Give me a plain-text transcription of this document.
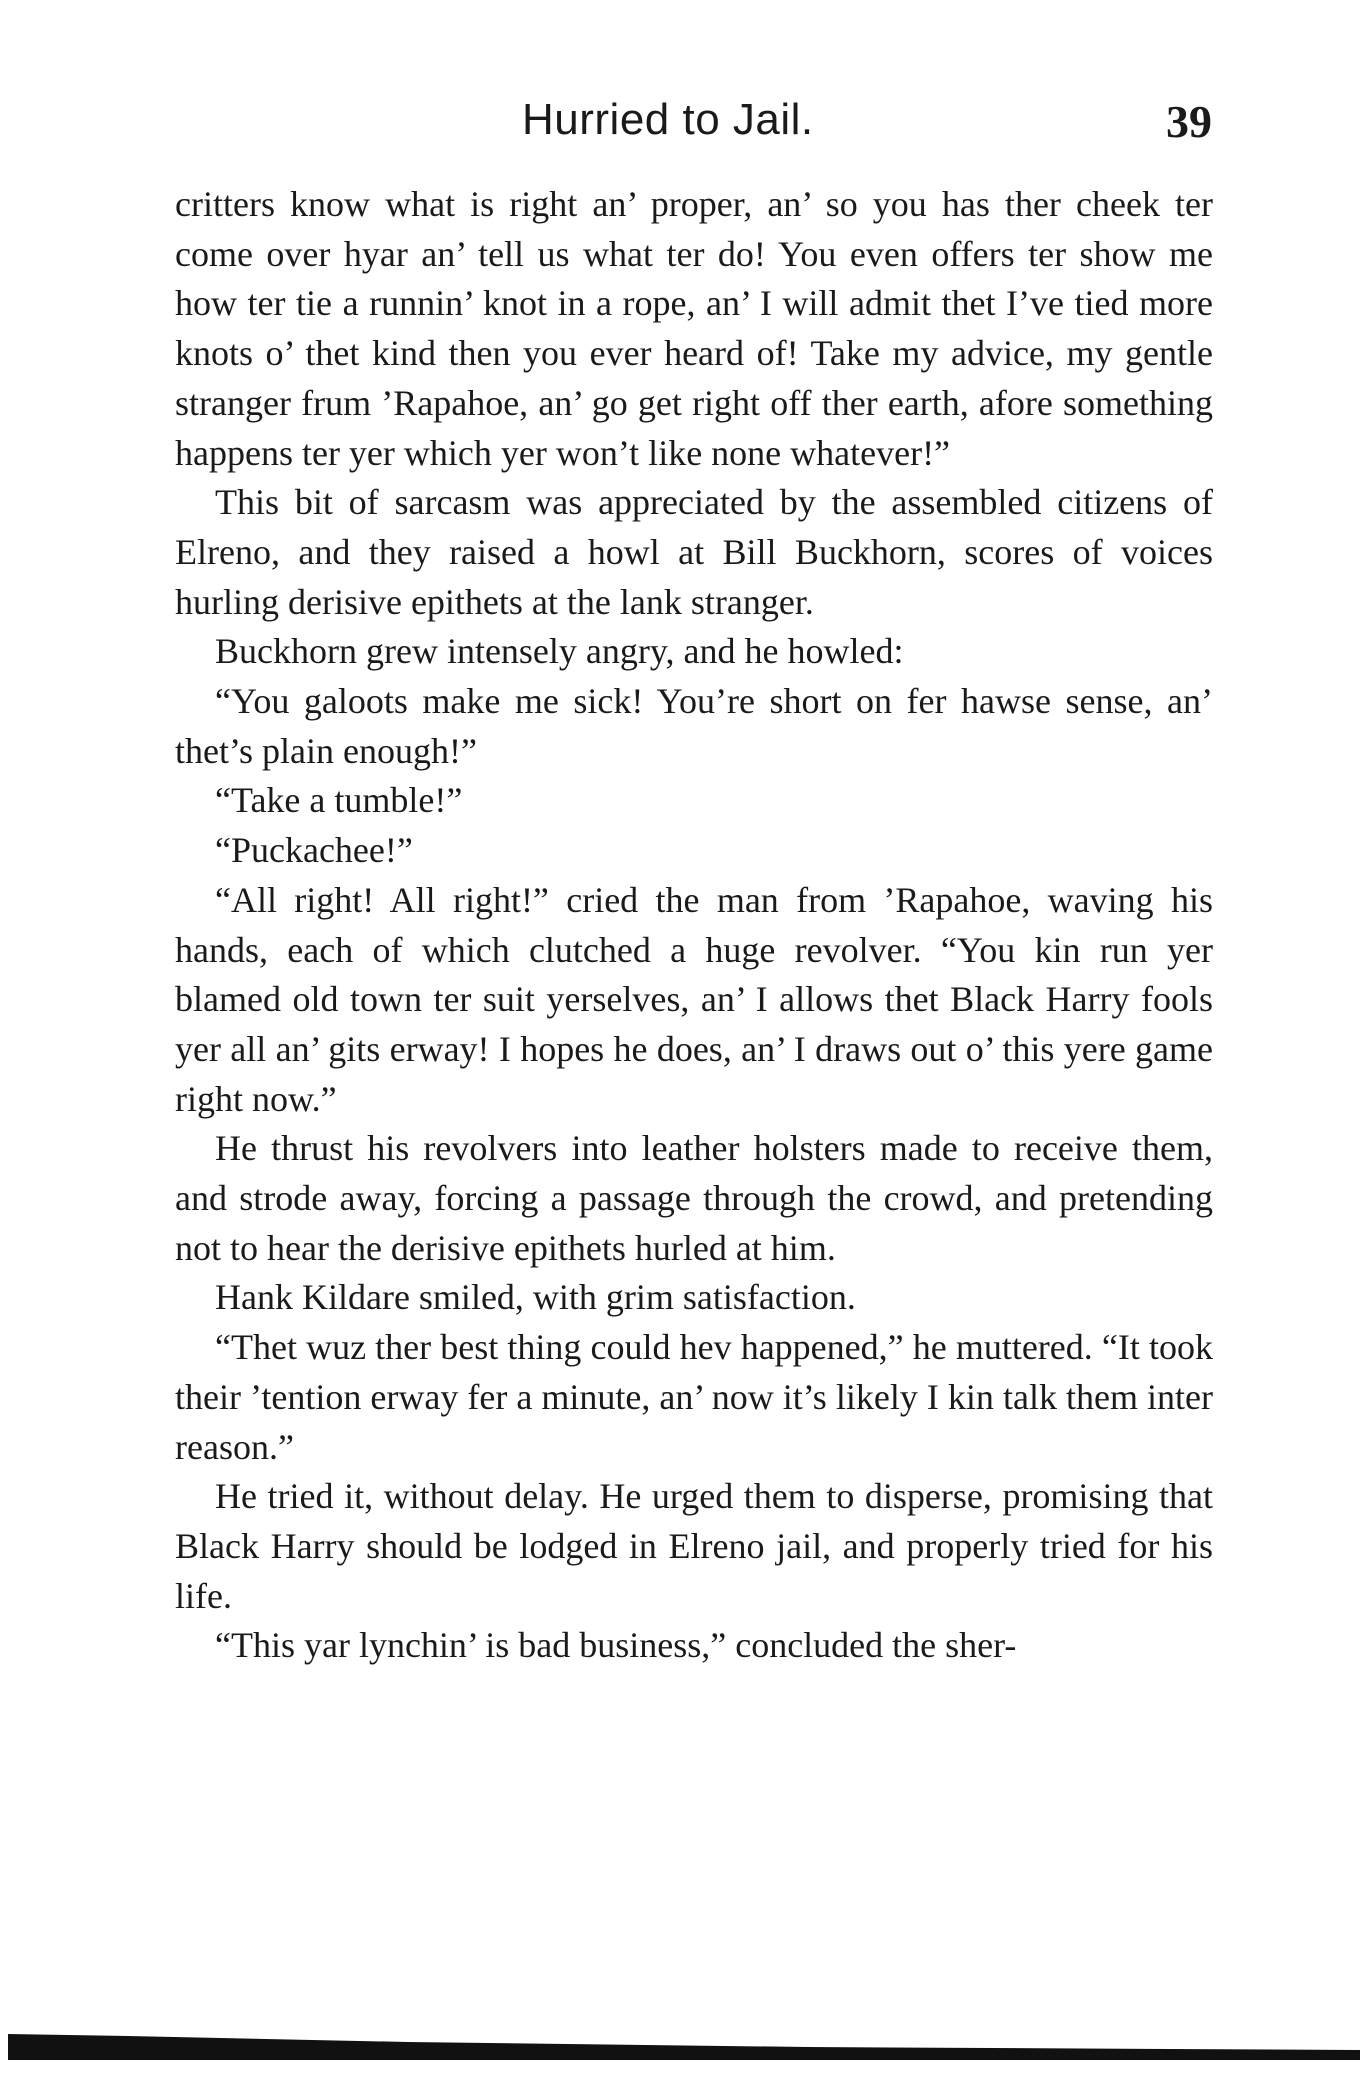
Hurried to Jail.	39

critters know what is right an’ proper, an’ so you has ther cheek ter come over hyar an’ tell us what ter do! You even offers ter show me how ter tie a runnin’ knot in a rope, an’ I will admit thet I’ve tied more knots o’ thet kind then you ever heard of! Take my advice, my gentle stranger frum ’Rapahoe, an’ go get right off ther earth, afore something happens ter yer which yer won’t like none whatever!”

This bit of sarcasm was appreciated by the assembled citizens of Elreno, and they raised a howl at Bill Buckhorn, scores of voices hurling derisive epithets at the lank stranger.

Buckhorn grew intensely angry, and he howled:

“You galoots make me sick! You’re short on fer hawse sense, an’ thet’s plain enough!”

“Take a tumble!”

“Puckachee!”

“All right! All right!” cried the man from ’Rapahoe, waving his hands, each of which clutched a huge revolver. “You kin run yer blamed old town ter suit yerselves, an’ I allows thet Black Harry fools yer all an’ gits erway! I hopes he does, an’ I draws out o’ this yere game right now.”

He thrust his revolvers into leather holsters made to receive them, and strode away, forcing a passage through the crowd, and pretending not to hear the derisive epithets hurled at him.

Hank Kildare smiled, with grim satisfaction.

“Thet wuz ther best thing could hev happened,” he muttered. “It took their ’tention erway fer a minute, an’ now it’s likely I kin talk them inter reason.”

He tried it, without delay. He urged them to disperse, promising that Black Harry should be lodged in Elreno jail, and properly tried for his life.

“This yar lynchin’ is bad business,” concluded the sher-
